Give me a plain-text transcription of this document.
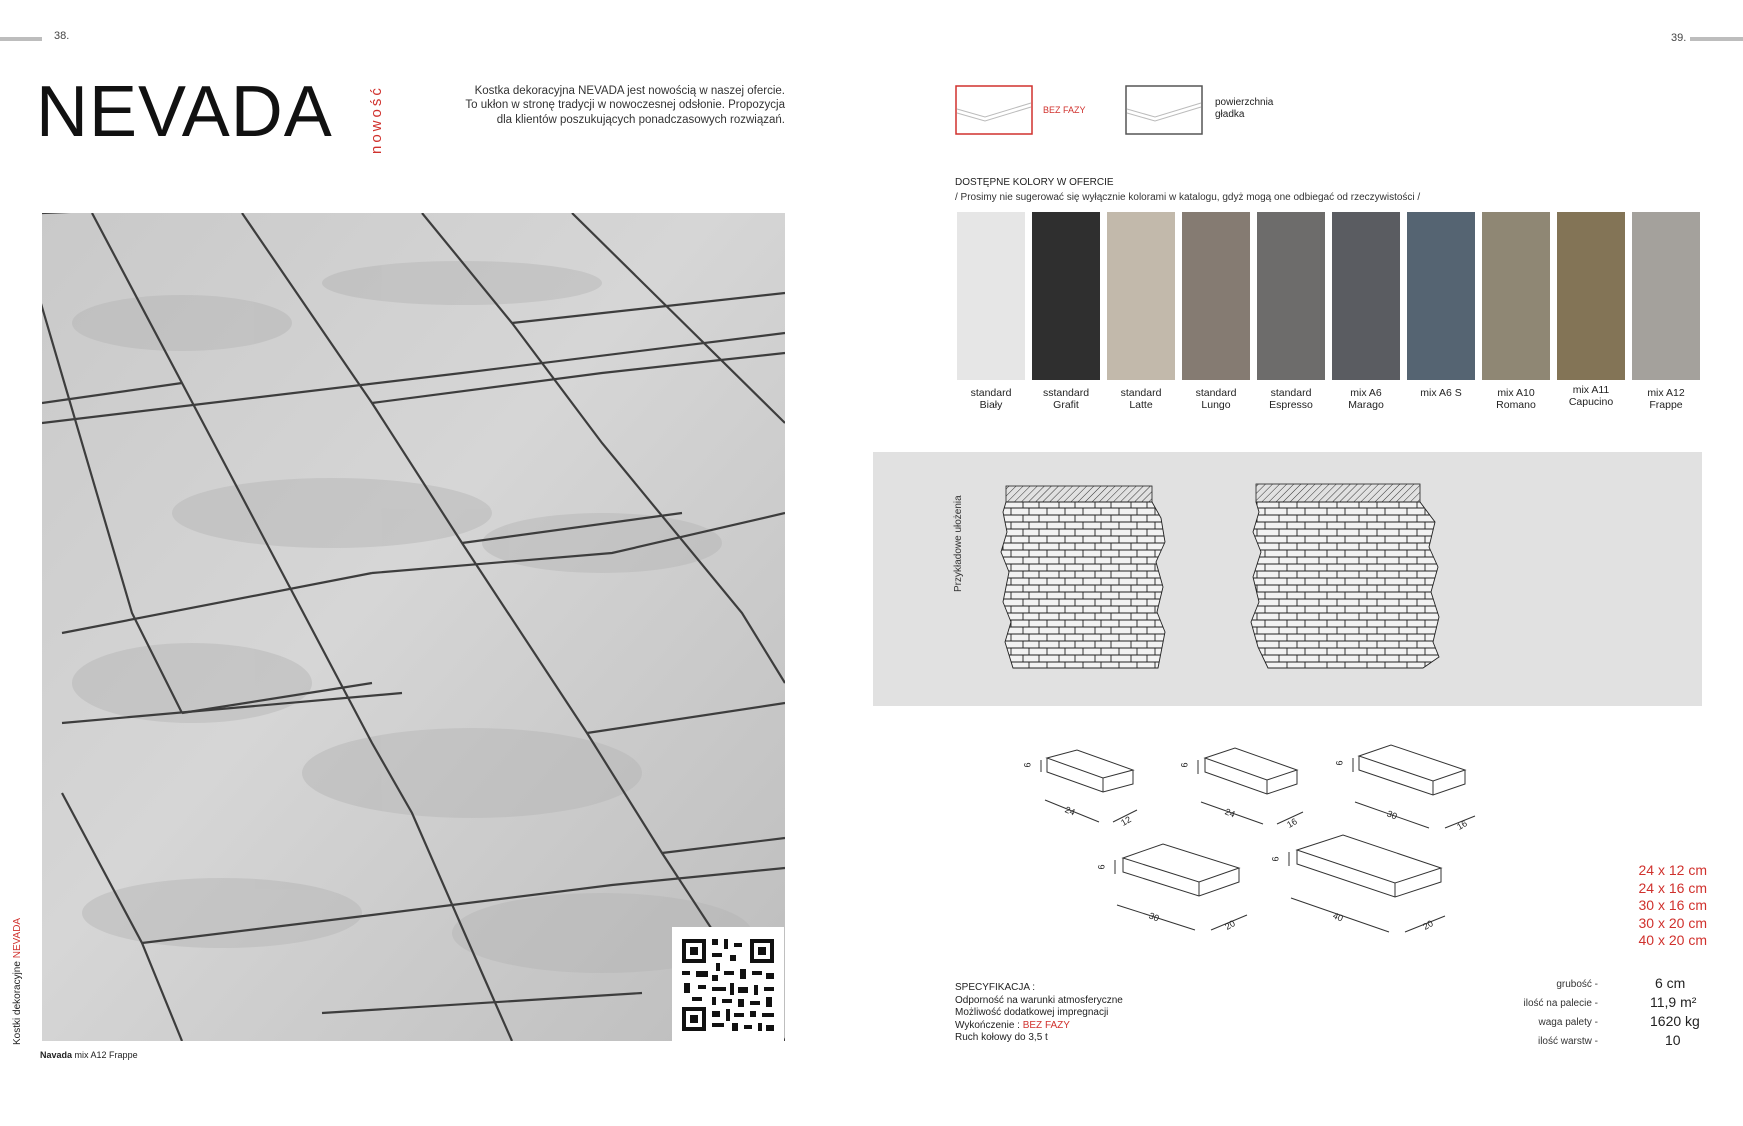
38.
NEVADA nowość	Kostka dekoracyjna NEVADA jest nowością w naszej ofercie.
To ukłon w stronę tradycji w nowoczesnej odsłonie. Propozycja
dla klientów poszukujących ponadczasowych rozwiązań.
Kostki dekoracyjne NEVADA
Navada mix A12 Frappe
39.
BEZ FAZY
powierzchnia
gładka
DOSTĘPNE KOLORY W OFERCIE
/ Prosimy nie sugerować się wyłącznie kolorami w katalogu, gdyż mogą one odbiegać od rzeczywistości /
standard
Biały
sstandard
Grafit
standard
Latte
standard
Lungo
standard
Espresso
mix A6
Marago
mix A6 S	mix A10
Romano
mix A11
Capucino
mix A12
Frappe
Przykładowe ułożenia
6
24
12
6
24
16
6
30
16
6
30
20
6
40
20
24 x 12 cm
24 x 16 cm
30 x 16 cm
30 x 20 cm
40 x 20 cm
SPECYFIKACJA :
Odporność na warunki atmosferyczne
Możliwość dodatkowej impregnacji
Wykończenie : BEZ FAZY
Ruch kołowy do 3,5 t
grubość -	6 cm
ilość na palecie -	11,9 m²
waga palety -	1620 kg
ilość warstw -	10
